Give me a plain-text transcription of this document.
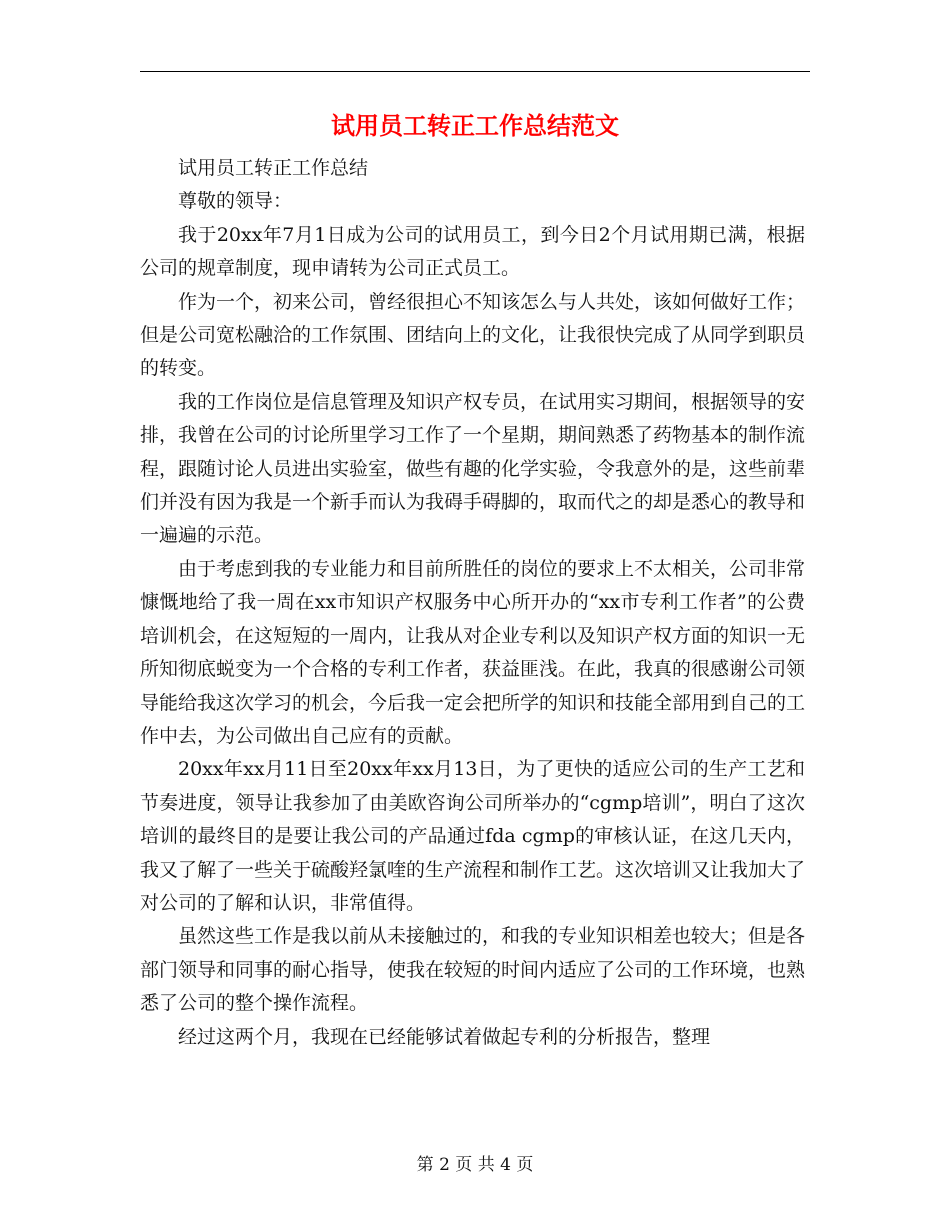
试用员工转正工作总结范文

试用员工转正工作总结

尊敬的领导：

我于20xx年7月1日成为公司的试用员工，到今日2个月试用期已满，根据公司的规章制度，现申请转为公司正式员工。

作为一个，初来公司，曾经很担心不知该怎么与人共处，该如何做好工作；但是公司宽松融洽的工作氛围、团结向上的文化，让我很快完成了从同学到职员的转变。

我的工作岗位是信息管理及知识产权专员，在试用实习期间，根据领导的安排，我曾在公司的讨论所里学习工作了一个星期，期间熟悉了药物基本的制作流程，跟随讨论人员进出实验室，做些有趣的化学实验，令我意外的是，这些前辈们并没有因为我是一个新手而认为我碍手碍脚的，取而代之的却是悉心的教导和一遍遍的示范。

由于考虑到我的专业能力和目前所胜任的岗位的要求上不太相关，公司非常慷慨地给了我一周在xx市知识产权服务中心所开办的“xx市专利工作者”的公费培训机会，在这短短的一周内，让我从对企业专利以及知识产权方面的知识一无所知彻底蜕变为一个合格的专利工作者，获益匪浅。在此，我真的很感谢公司领导能给我这次学习的机会，今后我一定会把所学的知识和技能全部用到自己的工作中去，为公司做出自己应有的贡献。

20xx年xx月11日至20xx年xx月13日，为了更快的适应公司的生产工艺和节奏进度，领导让我参加了由美欧咨询公司所举办的“cgmp培训”，明白了这次培训的最终目的是要让我公司的产品通过fda cgmp的审核认证，在这几天内，我又了解了一些关于硫酸羟氯喹的生产流程和制作工艺。这次培训又让我加大了对公司的了解和认识，非常值得。

虽然这些工作是我以前从未接触过的，和我的专业知识相差也较大；但是各部门领导和同事的耐心指导，使我在较短的时间内适应了公司的工作环境，也熟悉了公司的整个操作流程。

经过这两个月，我现在已经能够试着做起专利的分析报告，整理

第 2 页 共 4 页
